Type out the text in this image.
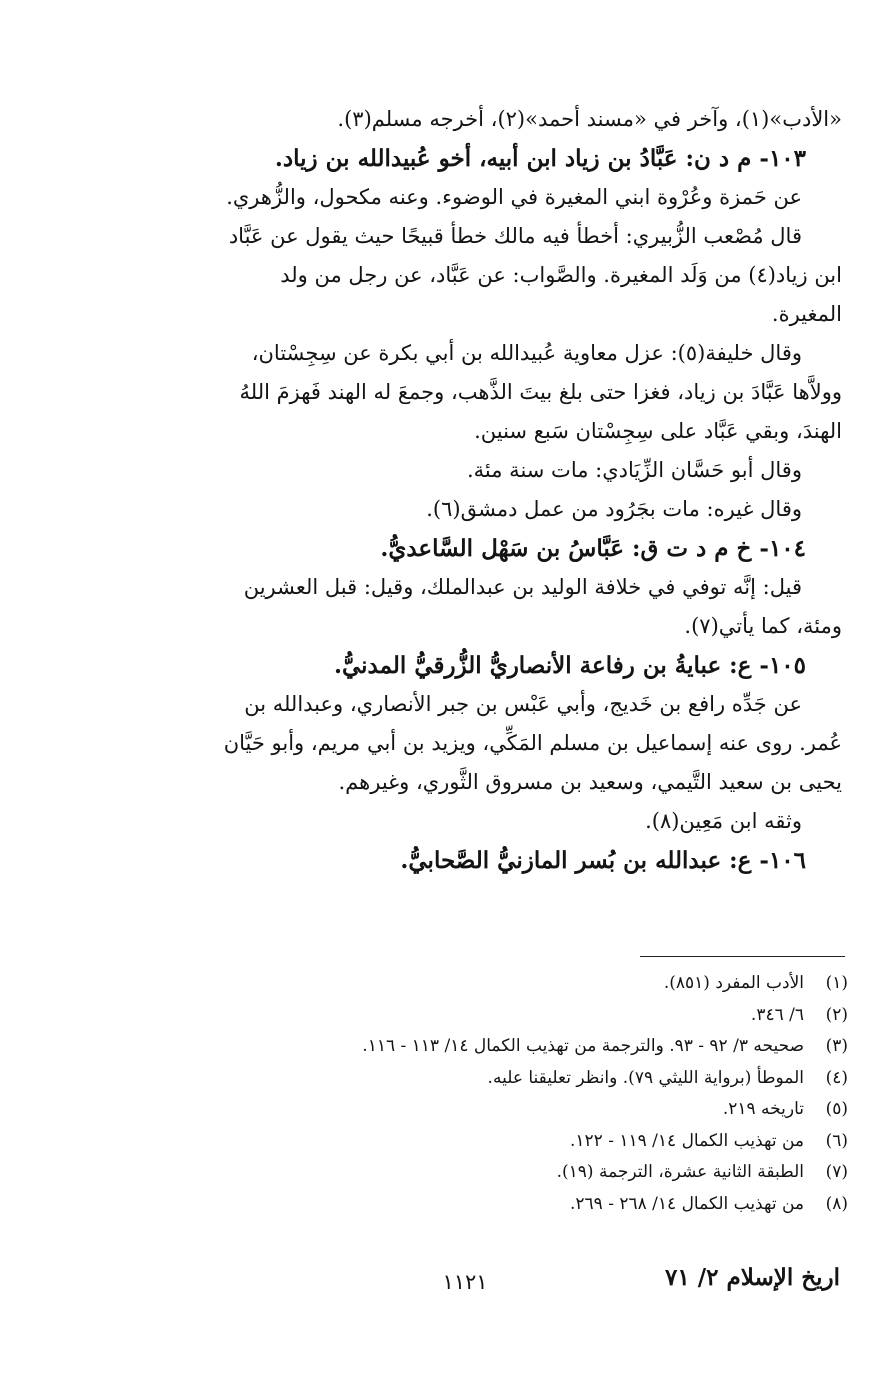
«الأدب»(١)، وآخر في «مسند أحمد»(٢)، أخرجه مسلم(٣).
١٠٣- م د ن: عَبَّادُ بن زياد ابن أبيه، أخو عُبيدالله بن زياد.
عن حَمزة وعُرْوة ابني المغيرة في الوضوء. وعنه مكحول، والزُّهري.
قال مُصْعب الزُّبيري: أخطأ فيه مالك خطأ قبيحًا حيث يقول عن عَبَّاد
ابن زياد(٤) من وَلَد المغيرة. والصَّواب: عن عَبَّاد، عن رجل من ولد
المغيرة.
وقال خليفة(٥): عزل معاوية عُبيدالله بن أبي بكرة عن سِجِسْتان،
وولاَّها عَبَّادَ بن زياد، فغزا حتى بلغ بيتَ الذَّهب، وجمعَ له الهند فَهزمَ اللهُ
الهندَ، وبقي عَبَّاد على سِجِسْتان سَبع سنين.
وقال أبو حَسَّان الزِّيَادي: مات سنة مئة.
وقال غيره: مات بجَرُود من عمل دمشق(٦).
١٠٤- خ م د ت ق: عَبَّاسُ بن سَهْل السَّاعديُّ.
قيل: إنَّه توفي في خلافة الوليد بن عبدالملك، وقيل: قبل العشرين
ومئة، كما يأتي(٧).
١٠٥- ع: عبايةُ بن رفاعة الأنصاريُّ الزُّرقيُّ المدنيُّ.
عن جَدِّه رافع بن خَديج، وأبي عَبْس بن جبر الأنصاري، وعبدالله بن
عُمر. روى عنه إسماعيل بن مسلم المَكِّي، ويزيد بن أبي مريم، وأبو حَيَّان
يحيى بن سعيد التَّيمي، وسعيد بن مسروق الثَّوري، وغيرهم.
وثقه ابن مَعِين(٨).
١٠٦- ع: عبدالله بن بُسر المازنيُّ الصَّحابيُّ.
(١)
الأدب المفرد (٨٥١).
(٢)
٦/ ٣٤٦.
(٣)
صحيحه ٣/ ٩٢ - ٩٣. والترجمة من تهذيب الكمال ١٤/ ١١٣ - ١١٦.
(٤)
الموطأ (برواية الليثي ٧٩). وانظر تعليقنا عليه.
(٥)
تاريخه ٢١٩.
(٦)
من تهذيب الكمال ١٤/ ١١٩ - ١٢٢.
(٧)
الطبقة الثانية عشرة، الترجمة (١٩).
(٨)
من تهذيب الكمال ١٤/ ٢٦٨ - ٢٦٩.
اريخ الإسلام ٢/ ٧١
١١٢١
